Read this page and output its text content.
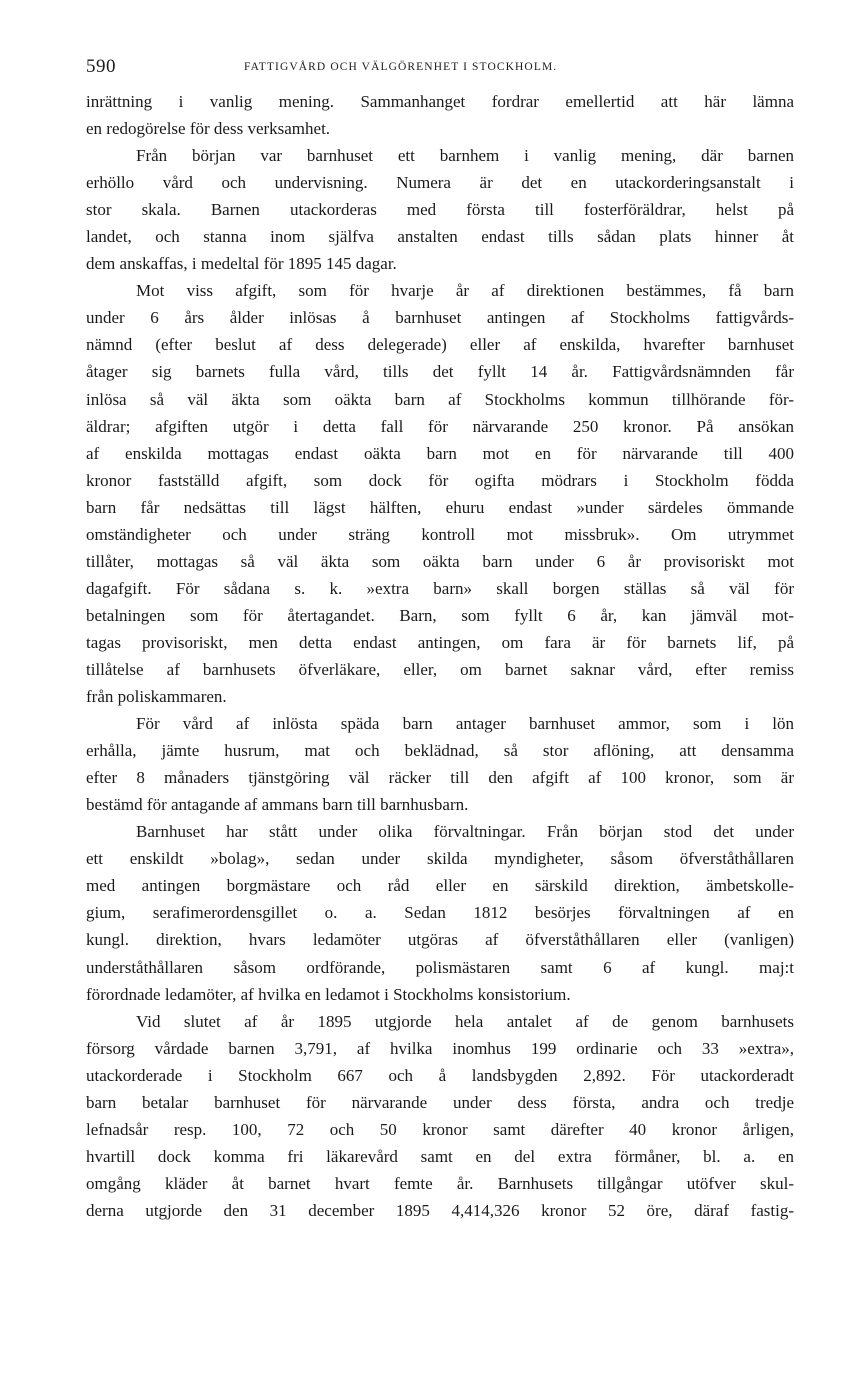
590	FATTIGVÅRD OCH VÄLGÖRENHET I STOCKHOLM.
inrättning i vanlig mening. Sammanhanget fordrar emellertid att här lämna
en redogörelse för dess verksamhet.
Från början var barnhuset ett barnhem i vanlig mening, där barnen
erhöllo vård och undervisning. Numera är det en utackorderingsanstalt i
stor skala. Barnen utackorderas med första till fosterföräldrar, helst på
landet, och stanna inom själfva anstalten endast tills sådan plats hinner åt
dem anskaffas, i medeltal för 1895 145 dagar.
Mot viss afgift, som för hvarje år af direktionen bestämmes, få barn
under 6 års ålder inlösas å barnhuset antingen af Stockholms fattigvårds-
nämnd (efter beslut af dess delegerade) eller af enskilda, hvarefter barnhuset
åtager sig barnets fulla vård, tills det fyllt 14 år. Fattigvårdsnämnden får
inlösa så väl äkta som oäkta barn af Stockholms kommun tillhörande för-
äldrar; afgiften utgör i detta fall för närvarande 250 kronor. På ansökan
af enskilda mottagas endast oäkta barn mot en för närvarande till 400
kronor fastställd afgift, som dock för ogifta mödrars i Stockholm födda
barn får nedsättas till lägst hälften, ehuru endast »under särdeles ömmande
omständigheter och under sträng kontroll mot missbruk». Om utrymmet
tillåter, mottagas så väl äkta som oäkta barn under 6 år provisoriskt mot
dagafgift. För sådana s. k. »extra barn» skall borgen ställas så väl för
betalningen som för återtagandet. Barn, som fyllt 6 år, kan jämväl mot-
tagas provisoriskt, men detta endast antingen, om fara är för barnets lif, på
tillåtelse af barnhusets öfverläkare, eller, om barnet saknar vård, efter remiss
från poliskammaren.
För vård af inlösta späda barn antager barnhuset ammor, som i lön
erhålla, jämte husrum, mat och beklädnad, så stor aflöning, att densamma
efter 8 månaders tjänstgöring väl räcker till den afgift af 100 kronor, som är
bestämd för antagande af ammans barn till barnhusbarn.
Barnhuset har stått under olika förvaltningar. Från början stod det under
ett enskildt »bolag», sedan under skilda myndigheter, såsom öfverståthållaren
med antingen borgmästare och råd eller en särskild direktion, ämbetskolle-
gium, serafimerordensgillet o. a. Sedan 1812 besörjes förvaltningen af en
kungl. direktion, hvars ledamöter utgöras af öfverståthållaren eller (vanligen)
underståthållaren såsom ordförande, polismästaren samt 6 af kungl. maj:t
förordnade ledamöter, af hvilka en ledamot i Stockholms konsistorium.
Vid slutet af år 1895 utgjorde hela antalet af de genom barnhusets
försorg vårdade barnen 3,791, af hvilka inomhus 199 ordinarie och 33 »extra»,
utackorderade i Stockholm 667 och å landsbygden 2,892. För utackorderadt
barn betalar barnhuset för närvarande under dess första, andra och tredje
lefnadsår resp. 100, 72 och 50 kronor samt därefter 40 kronor årligen,
hvartill dock komma fri läkarevård samt en del extra förmåner, bl. a. en
omgång kläder åt barnet hvart femte år. Barnhusets tillgångar utöfver skul-
derna utgjorde den 31 december 1895 4,414,326 kronor 52 öre, däraf fastig-
